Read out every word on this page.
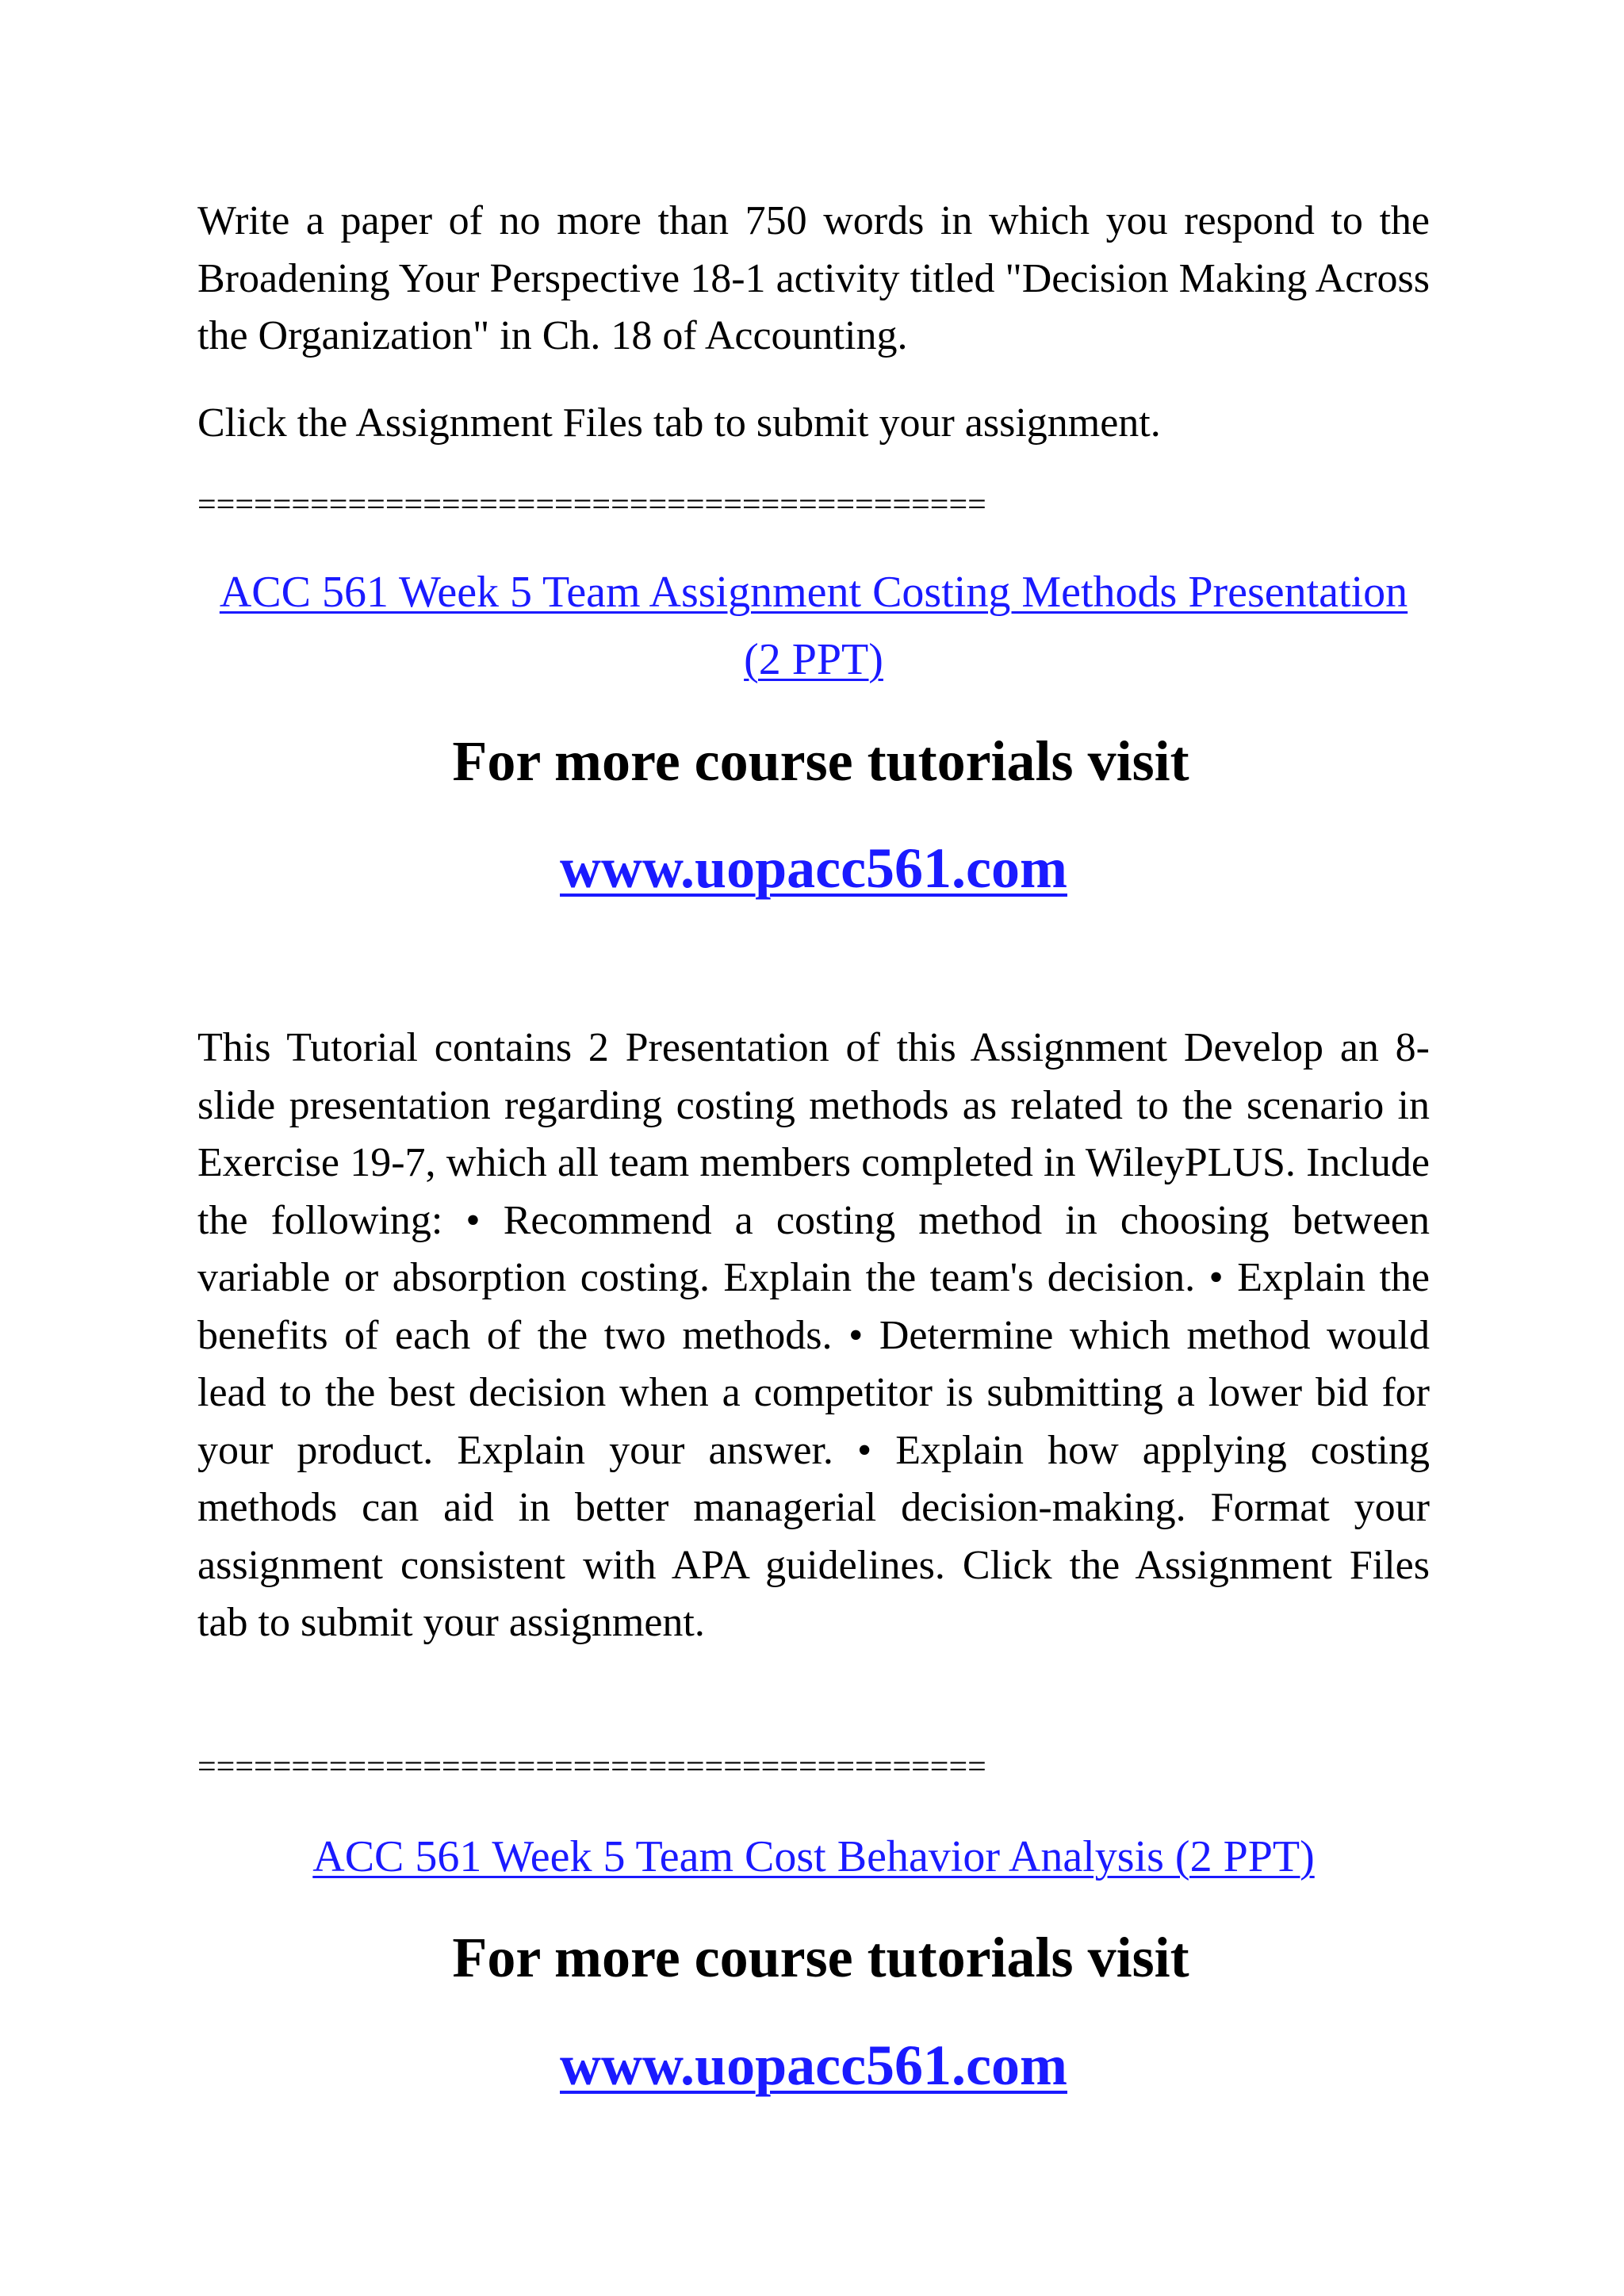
Write a paper of no more than 750 words in which you respond to the Broadening Your Perspective 18-1 activity titled "Decision Making Across the Organization" in Ch. 18 of Accounting.

Click the Assignment Files tab to submit your assignment.

==========================================

ACC 561 Week 5 Team Assignment Costing Methods Presentation (2 PPT)

For more course tutorials visit

www.uopacc561.com

This Tutorial contains 2 Presentation of this Assignment Develop an 8-slide presentation regarding costing methods as related to the scenario in Exercise 19-7, which all team members completed in WileyPLUS. Include the following: • Recommend a costing method in choosing between variable or absorption costing. Explain the team's decision. • Explain the benefits of each of the two methods. • Determine which method would lead to the best decision when a competitor is submitting a lower bid for your product. Explain your answer. • Explain how applying costing methods can aid in better managerial decision-making. Format your assignment consistent with APA guidelines. Click the Assignment Files tab to submit your assignment.

==========================================

ACC 561 Week 5 Team Cost Behavior Analysis (2 PPT)

For more course tutorials visit

www.uopacc561.com
